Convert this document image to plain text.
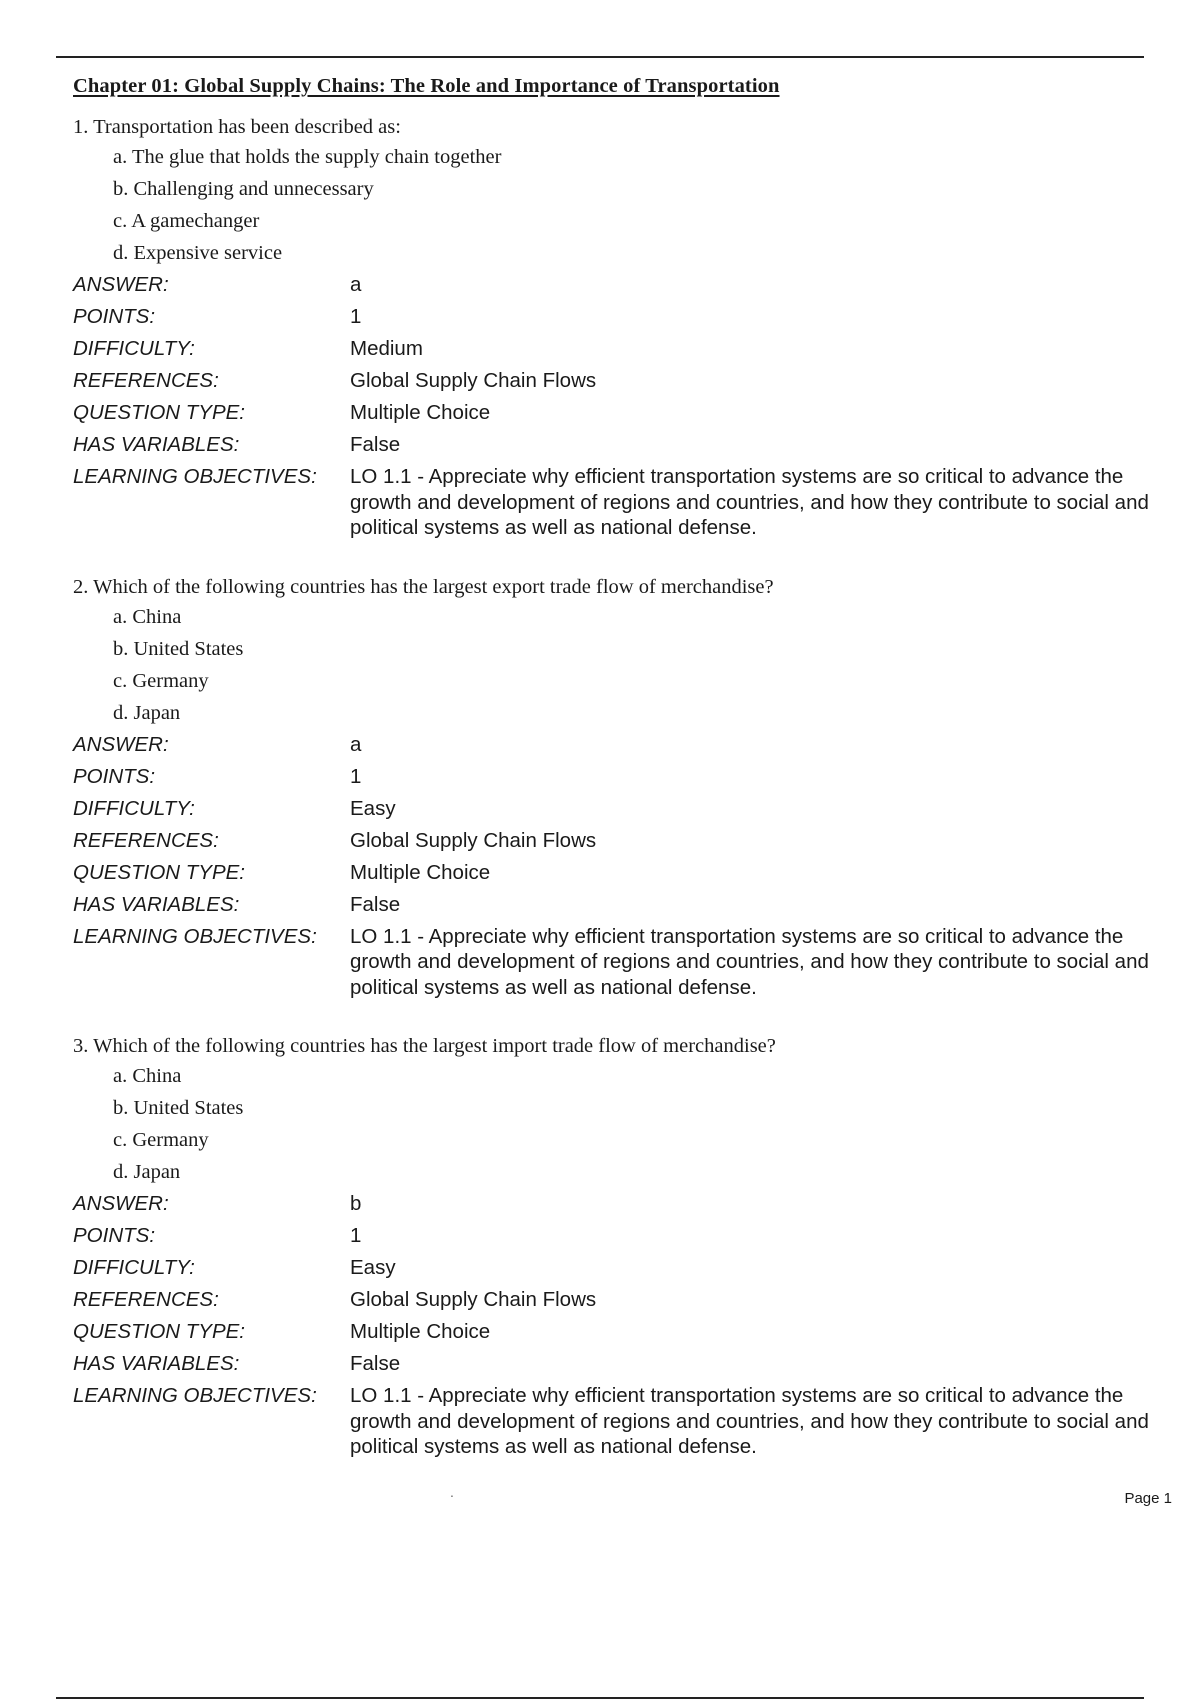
Chapter 01: Global Supply Chains: The Role and Importance of Transportation
1. Transportation has been described as:
a. The glue that holds the supply chain together
b. Challenging and unnecessary
c. A gamechanger
d. Expensive service
ANSWER:	a
POINTS:	1
DIFFICULTY:	Medium
REFERENCES:	Global Supply Chain Flows
QUESTION TYPE:	Multiple Choice
HAS VARIABLES:	False
LEARNING OBJECTIVES:	LO 1.1 - Appreciate why efficient transportation systems are so critical to advance the growth and development of regions and countries, and how they contribute to social and political systems as well as national defense.
2. Which of the following countries has the largest export trade flow of merchandise?
a. China
b. United States
c. Germany
d. Japan
ANSWER:	a
POINTS:	1
DIFFICULTY:	Easy
REFERENCES:	Global Supply Chain Flows
QUESTION TYPE:	Multiple Choice
HAS VARIABLES:	False
LEARNING OBJECTIVES:	LO 1.1 - Appreciate why efficient transportation systems are so critical to advance the growth and development of regions and countries, and how they contribute to social and political systems as well as national defense.
3. Which of the following countries has the largest import trade flow of merchandise?
a. China
b. United States
c. Germany
d. Japan
ANSWER:	b
POINTS:	1
DIFFICULTY:	Easy
REFERENCES:	Global Supply Chain Flows
QUESTION TYPE:	Multiple Choice
HAS VARIABLES:	False
LEARNING OBJECTIVES:	LO 1.1 - Appreciate why efficient transportation systems are so critical to advance the growth and development of regions and countries, and how they contribute to social and political systems as well as national defense.
.	Page 1
